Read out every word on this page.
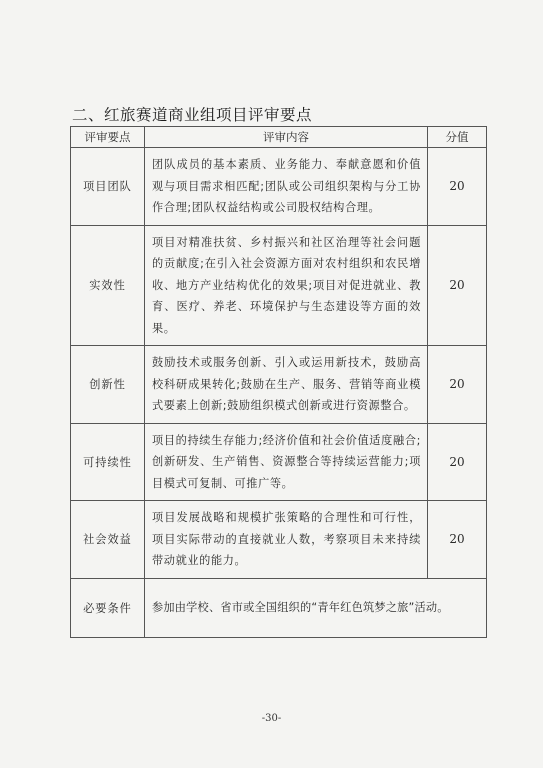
二、红旅赛道商业组项目评审要点
评审要点	评审内容	分值
项目团队	团队成员的基本素质、业务能力、奉献意愿和价值观与项目需求相匹配;团队或公司组织架构与分工协作合理;团队权益结构或公司股权结构合理。	20
实效性	项目对精准扶贫、乡村振兴和社区治理等社会问题的贡献度;在引入社会资源方面对农村组织和农民增收、地方产业结构优化的效果;项目对促进就业、教育、医疗、养老、环境保护与生态建设等方面的效果。	20
创新性	鼓励技术或服务创新、引入或运用新技术，鼓励高校科研成果转化;鼓励在生产、服务、营销等商业模式要素上创新;鼓励组织模式创新或进行资源整合。	20
可持续性	项目的持续生存能力;经济价值和社会价值适度融合;创新研发、生产销售、资源整合等持续运营能力;项目模式可复制、可推广等。	20
社会效益	项目发展战略和规模扩张策略的合理性和可行性，项目实际带动的直接就业人数，考察项目未来持续带动就业的能力。	20
必要条件	参加由学校、省市或全国组织的“青年红色筑梦之旅”活动。	
-30-
